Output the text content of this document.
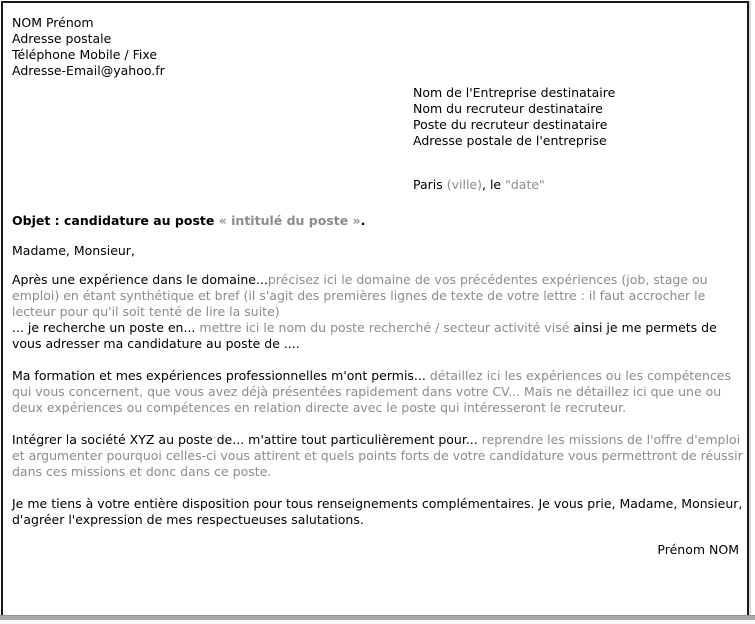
NOM Prénom
Adresse postale
Téléphone Mobile / Fixe
Adresse-Email@yahoo.fr
Nom de l'Entreprise destinataire
Nom du recruteur destinataire
Poste du recruteur destinataire
Adresse postale de l'entreprise
Paris (ville), le "date"
Objet : candidature au poste « intitulé du poste ».
Madame, Monsieur,
Après une expérience dans le domaine...précisez ici le domaine de vos précédentes expériences (job, stage ou emploi) en étant synthétique et bref (il s'agit des premières lignes de texte de votre lettre : il faut accrocher le lecteur pour qu'il soit tenté de lire la suite)
... je recherche un poste en... mettre ici le nom du poste recherché / secteur activité visé ainsi je me permets de vous adresser ma candidature au poste de ....
Ma formation et mes expériences professionnelles m'ont permis... détaillez ici les expériences ou les compétences qui vous concernent, que vous avez déjà présentées rapidement dans votre CV... Mais ne détaillez ici que une ou deux expériences ou compétences en relation directe avec le poste qui intéresseront le recruteur.
Intégrer la société XYZ au poste de... m'attire tout particulièrement pour... reprendre les missions de l'offre d'emploi et argumenter pourquoi celles-ci vous attirent et quels points forts de votre candidature vous permettront de réussir dans ces missions et donc dans ce poste.
Je me tiens à votre entière disposition pour tous renseignements complémentaires. Je vous prie, Madame, Monsieur, d'agréer l'expression de mes respectueuses salutations.
Prénom NOM
